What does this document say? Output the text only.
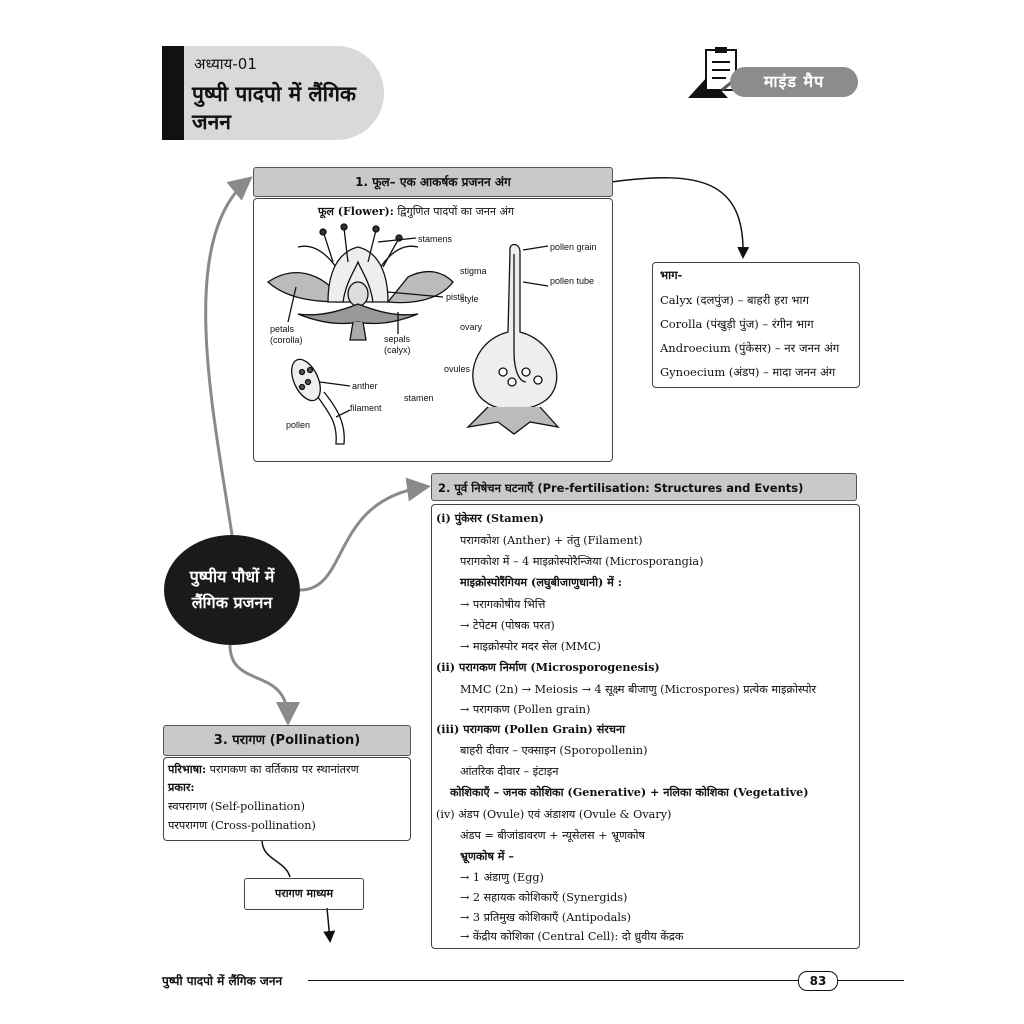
अध्याय-01
पुष्पी पादपो में लैंगिक जनन
माइंड मैप
1. फूल– एक आकर्षक प्रजनन अंग
फूल (Flower): द्विगुणित पादपों का जनन अंग
stamens
pistil
petals
(corolla)	sepals
(calyx)
pollen grain
stigma
style
pollen tube
ovary
ovules
anther
filament
stamen
pollen
भाग-
Calyx (दलपुंज) – बाहरी हरा भाग
Corolla (पंखुड़ी पुंज) – रंगीन भाग
Androecium (पुंकेसर) – नर जनन अंग
Gynoecium (अंडप) – मादा जनन अंग
पुष्पीय पौधों में
लैंगिक प्रजनन
2. पूर्व निषेचन घटनाएँ (Pre-fertilisation: Structures and Events)
(i) पुंकेसर (Stamen)
परागकोश (Anther) + तंतु (Filament)
परागकोश में – 4 माइक्रोस्पोरैन्जिया (Microsporangia)
माइक्रोस्पोरैंगियम (लघुबीजाणुधानी) में :
→ परागकोषीय भित्ति
→ टेपेटम (पोषक परत)
→ माइक्रोस्पोर मदर सेल (MMC)
(ii) परागकण निर्माण (Microsporogenesis)
MMC (2n) → Meiosis → 4 सूक्ष्म बीजाणु (Microspores) प्रत्येक माइक्रोस्पोर
→ परागकण (Pollen grain)
(iii) परागकण (Pollen Grain) संरचना
बाहरी दीवार – एक्साइन (Sporopollenin)
आंतरिक दीवार – इंटाइन
कोशिकाएँ – जनक कोशिका (Generative) + नलिका कोशिका (Vegetative)
(iv) अंडप (Ovule) एवं अंडाशय (Ovule & Ovary)
अंडप = बीजांडावरण + न्यूसेलस + भ्रूणकोष
भ्रूणकोष में –
→ 1 अंडाणु (Egg)
→ 2 सहायक कोशिकाएँ (Synergids)
→ 3 प्रतिमुख कोशिकाएँ (Antipodals)
→ केंद्रीय कोशिका (Central Cell): दो ध्रुवीय केंद्रक
3. परागण (Pollination)
परिभाषा: परागकण का वर्तिकाग्र पर स्थानांतरण
प्रकार:
स्वपरागण (Self-pollination)
परपरागण (Cross-pollination)
परागण माध्यम
पुष्पी पादपो में लैंगिक जनन	83
